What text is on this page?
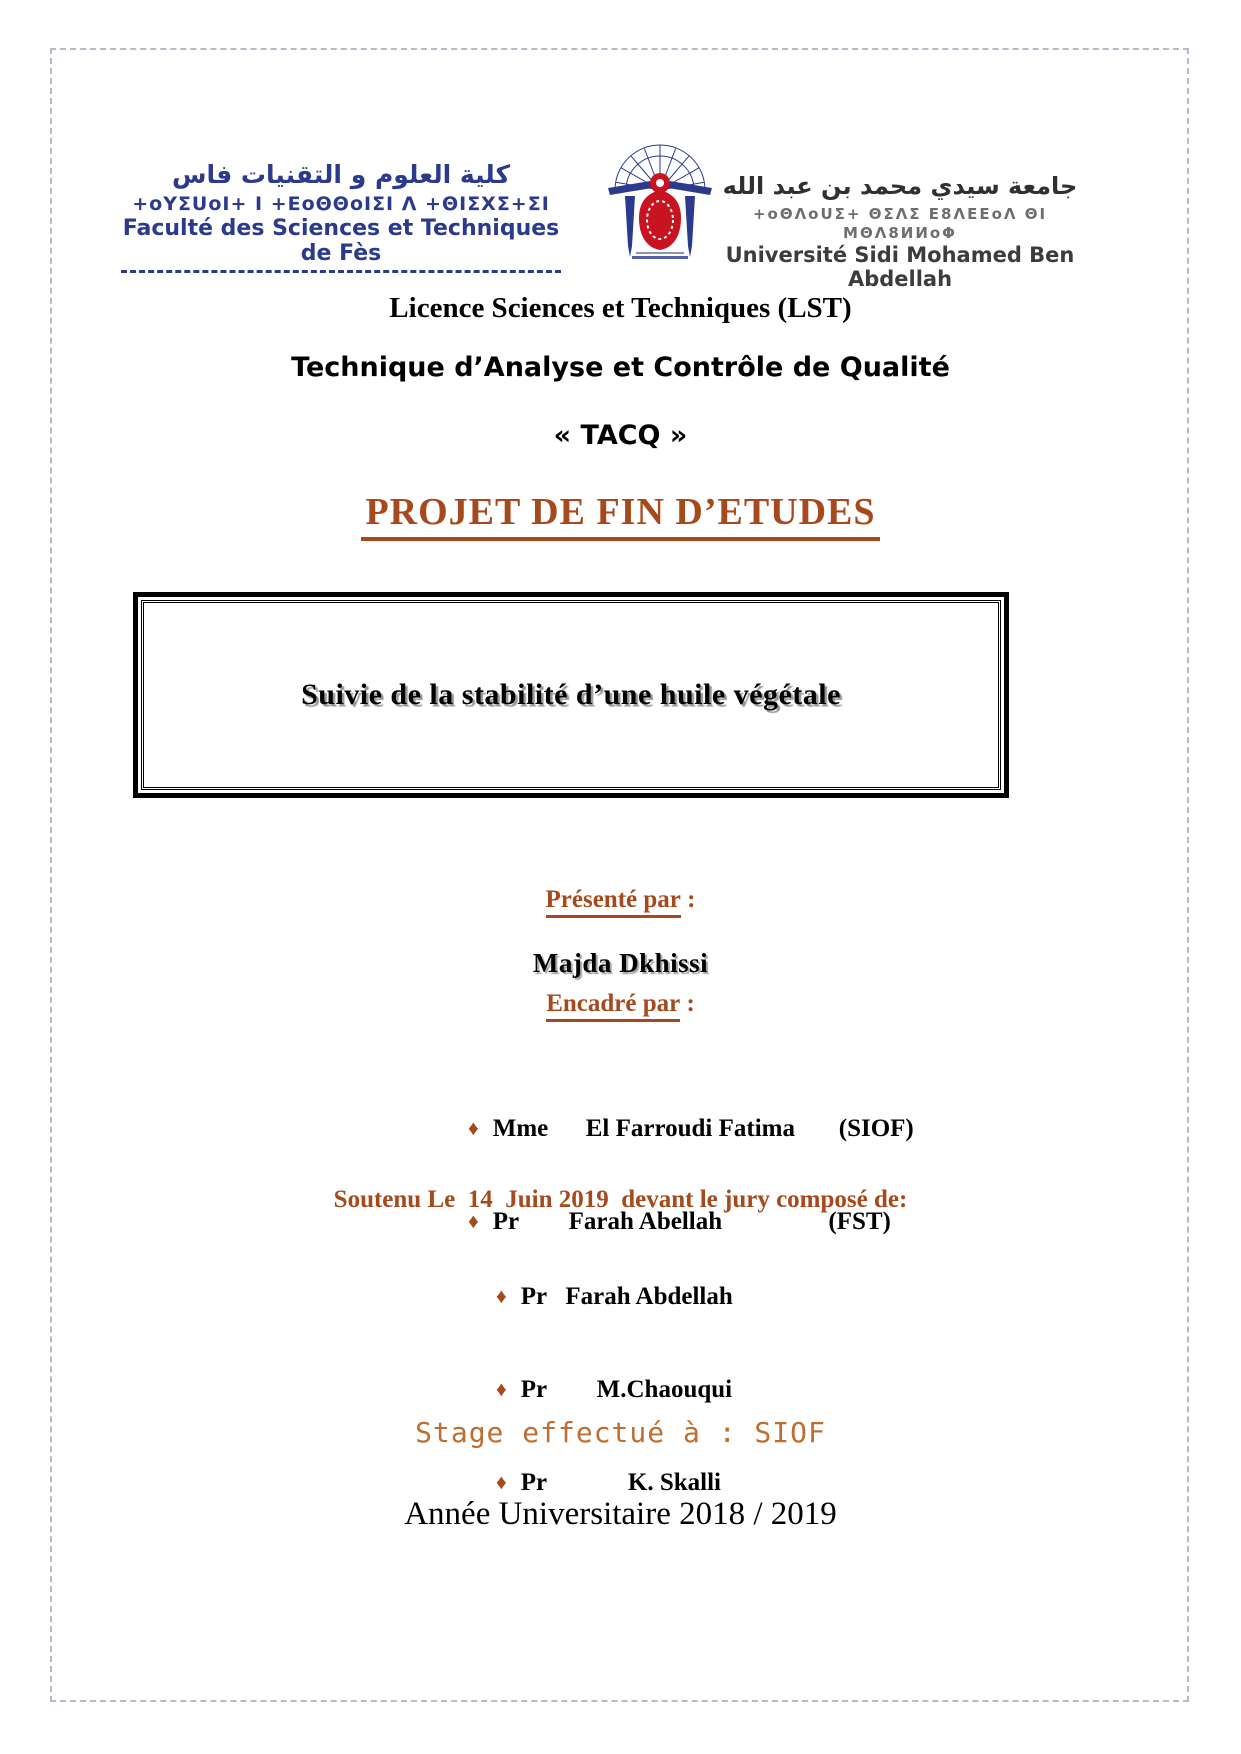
كلية العلوم و التقنيات فاس
+oYΣUoI+ I +ΕoΘΘoIΣI Λ +ΘIΣXΣ+ΣI
Faculté des Sciences et Techniques de Fès
جامعة سيدي محمد بن عبد الله
+oΘΛoUΣ+ ΘΣΛΣ Ε8ΛΕΕoΛ ΘI MΘΛ8ИИoΦ
Université Sidi Mohamed Ben Abdellah
Licence Sciences et Techniques (LST)
Technique d’Analyse et Contrôle de Qualité
« TACQ »
PROJET DE FIN D’ETUDES
Suivie de la stabilité d’une huile végétale
Présenté par :
Majda Dkhissi
Encadré par :

♦ Mme      El Farroudi Fatima       (SIOF)

♦ Pr        Farah Abellah                 (FST)

Soutenu Le  14  Juin 2019  devant le jury composé de:

♦ Pr   Farah Abdellah

♦ Pr        M.Chaouqui

♦ Pr             K. Skalli

Stage effectué à : SIOF
Année Universitaire 2018 / 2019
